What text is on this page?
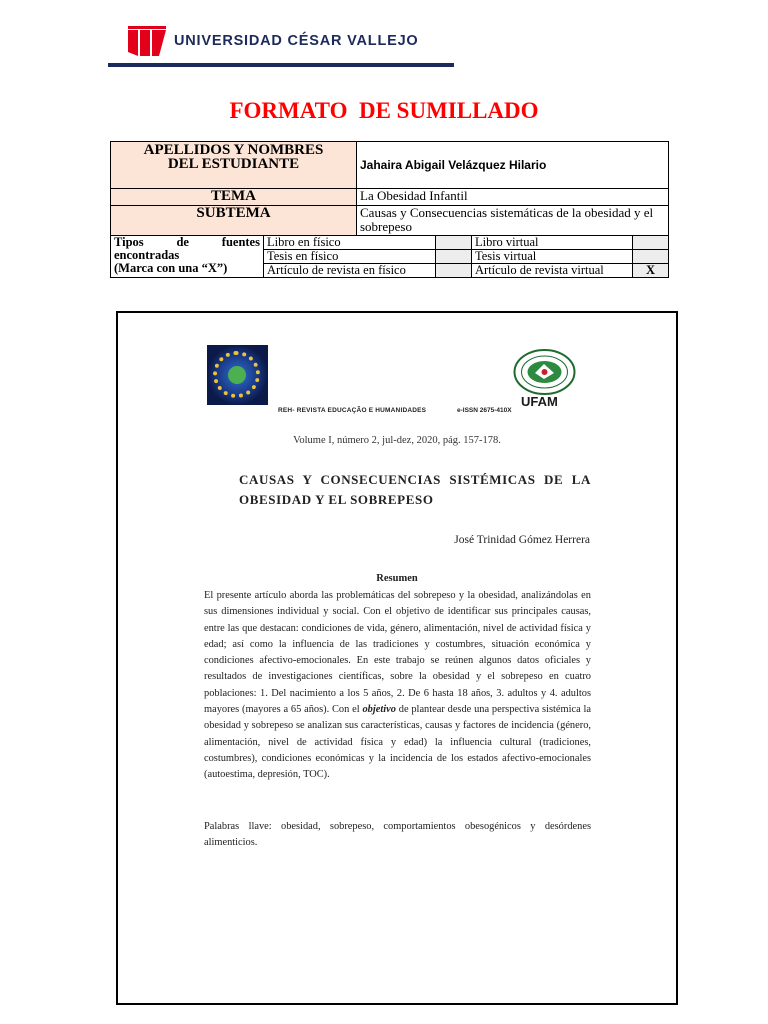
UNIVERSIDAD CÉSAR VALLEJO
FORMATO  DE SUMILLADO
APELLIDOS Y NOMBRES DEL ESTUDIANTE	Jahaira Abigail Velázquez Hilario
TEMA	La Obesidad Infantil
SUBTEMA	Causas y Consecuencias sistemáticas de la obesidad y el sobrepeso
Tipos de fuentes
encontradas
(Marca con una “X”)	Libro en físico		Libro virtual	
	Tesis en físico		Tesis virtual	
	Artículo de revista en físico		Artículo de revista virtual	X
UFAM
REH- REVISTA EDUCAÇÃO E HUMANIDADES	e-ISSN 2675-410X
Volume I, número 2, jul-dez, 2020, pág. 157-178.
CAUSAS Y CONSECUENCIAS SISTÉMICAS DE LA OBESIDAD Y EL SOBREPESO
José Trinidad Gómez Herrera
Resumen
El presente artículo aborda las problemáticas del sobrepeso y la obesidad, analizándolas en sus dimensiones individual y social. Con el objetivo de identificar sus principales causas, entre las que destacan: condiciones de vida, género, alimentación, nivel de actividad física y edad; así como la influencia de las tradiciones y costumbres, situación económica y condiciones afectivo-emocionales. En este trabajo se reúnen algunos datos oficiales y resultados de investigaciones científicas, sobre la obesidad y el sobrepeso en cuatro poblaciones: 1. Del nacimiento a los 5 años, 2. De 6 hasta 18 años, 3. adultos y 4. adultos mayores (mayores a 65 años). Con el objetivo de plantear desde una perspectiva sistémica la obesidad y sobrepeso se analizan sus características, causas y factores de incidencia (género, alimentación, nivel de actividad física y edad) la influencia cultural (tradiciones, costumbres), condiciones económicas y la incidencia de los estados afectivo-emocionales (autoestima, depresión, TOC).
Palabras llave: obesidad, sobrepeso, comportamientos obesogénicos y desórdenes alimenticios.
